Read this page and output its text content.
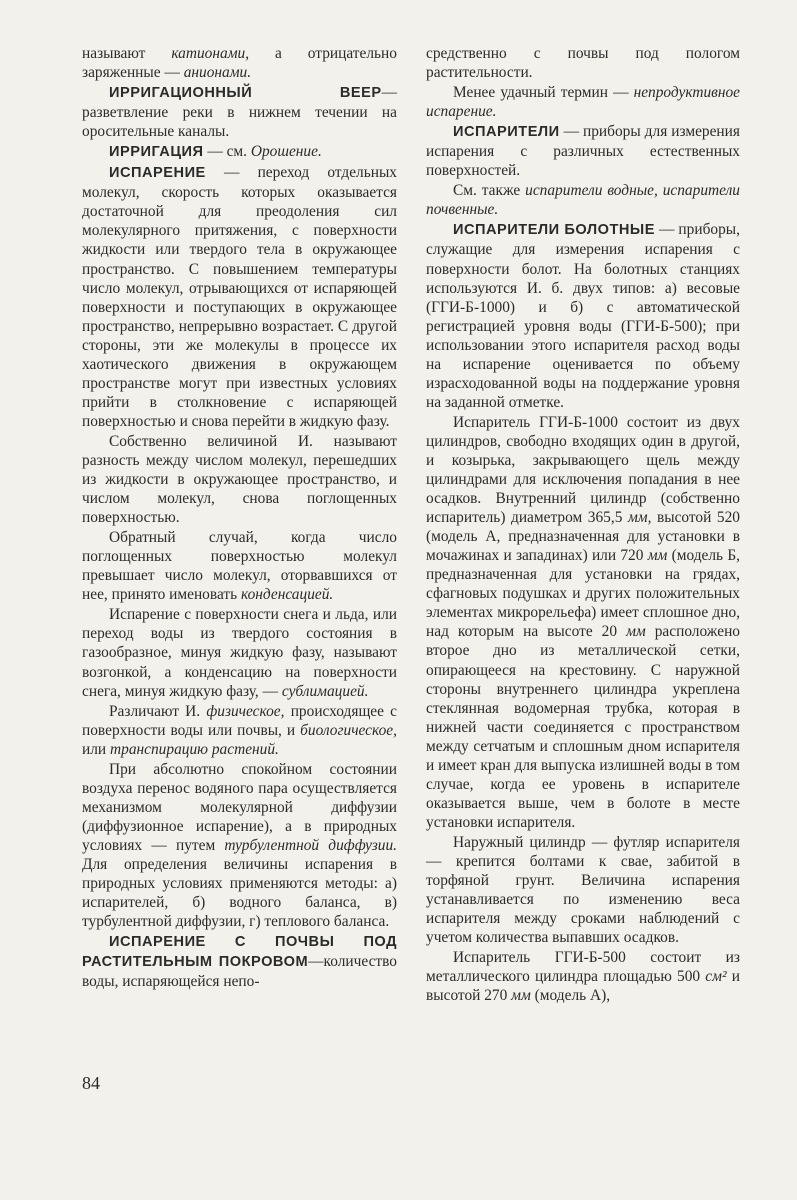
называют катионами, а отрицательно заряженные — анионами.

ИРРИГАЦИОННЫЙ ВЕЕР— разветвление реки в нижнем течении на оросительные каналы.

ИРРИГАЦИЯ — см. Орошение.

ИСПАРЕНИЕ — переход отдельных молекул, скорость которых оказывается достаточной для преодоления сил молекулярного притяжения, с поверхности жидкости или твердого тела в окружающее пространство. С повышением температуры число молекул, отрывающихся от испаряющей поверхности и поступающих в окружающее пространство, непрерывно возрастает. С другой стороны, эти же молекулы в процессе их хаотического движения в окружающем пространстве могут при известных условиях прийти в столкновение с испаряющей поверхностью и снова перейти в жидкую фазу.

Собственно величиной И. называют разность между числом молекул, перешедших из жидкости в окружающее пространство, и числом молекул, снова поглощенных поверхностью.

Обратный случай, когда число поглощенных поверхностью молекул превышает число молекул, оторвавшихся от нее, принято именовать конденсацией.

Испарение с поверхности снега и льда, или переход воды из твердого состояния в газообразное, минуя жидкую фазу, называют возгонкой, а конденсацию на поверхности снега, минуя жидкую фазу, — сублимацией.

Различают И. физическое, происходящее с поверхности воды или почвы, и биологическое, или транспирацию растений.

При абсолютно спокойном состоянии воздуха перенос водяного пара осуществляется механизмом молекулярной диффузии (диффузионное испарение), а в природных условиях — путем турбулентной диффузии. Для определения величины испарения в природных условиях применяются методы: а) испарителей, б) водного баланса, в) турбулентной диффузии, г) теплового баланса.

ИСПАРЕНИЕ С ПОЧВЫ ПОД РАСТИТЕЛЬНЫМ ПОКРОВОМ—количество воды, испаряющейся непо-

средственно с почвы под пологом растительности.

Менее удачный термин — непродуктивное испарение.

ИСПАРИТЕЛИ — приборы для измерения испарения с различных естественных поверхностей.

См. также испарители водные, испарители почвенные.

ИСПАРИТЕЛИ БОЛОТНЫЕ — приборы, служащие для измерения испарения с поверхности болот. На болотных станциях используются И. б. двух типов: а) весовые (ГГИ-Б-1000) и б) с автоматической регистрацией уровня воды (ГГИ-Б-500); при использовании этого испарителя расход воды на испарение оценивается по объему израсходованной воды на поддержание уровня на заданной отметке.

Испаритель ГГИ-Б-1000 состоит из двух цилиндров, свободно входящих один в другой, и козырька, закрывающего щель между цилиндрами для исключения попадания в нее осадков. Внутренний цилиндр (собственно испаритель) диаметром 365,5 мм, высотой 520 (модель А, предназначенная для установки в мочажинах и западинах) или 720 мм (модель Б, предназначенная для установки на грядах, сфагновых подушках и других положительных элементах микрорельефа) имеет сплошное дно, над которым на высоте 20 мм расположено второе дно из металлической сетки, опирающееся на крестовину. С наружной стороны внутреннего цилиндра укреплена стеклянная водомерная трубка, которая в нижней части соединяется с пространством между сетчатым и сплошным дном испарителя и имеет кран для выпуска излишней воды в том случае, когда ее уровень в испарителе оказывается выше, чем в болоте в месте установки испарителя.

Наружный цилиндр — футляр испарителя — крепится болтами к свае, забитой в торфяной грунт. Величина испарения устанавливается по изменению веса испарителя между сроками наблюдений с учетом количества выпавших осадков.

Испаритель ГГИ-Б-500 состоит из металлического цилиндра площадью 500 см² и высотой 270 мм (модель А),

84
